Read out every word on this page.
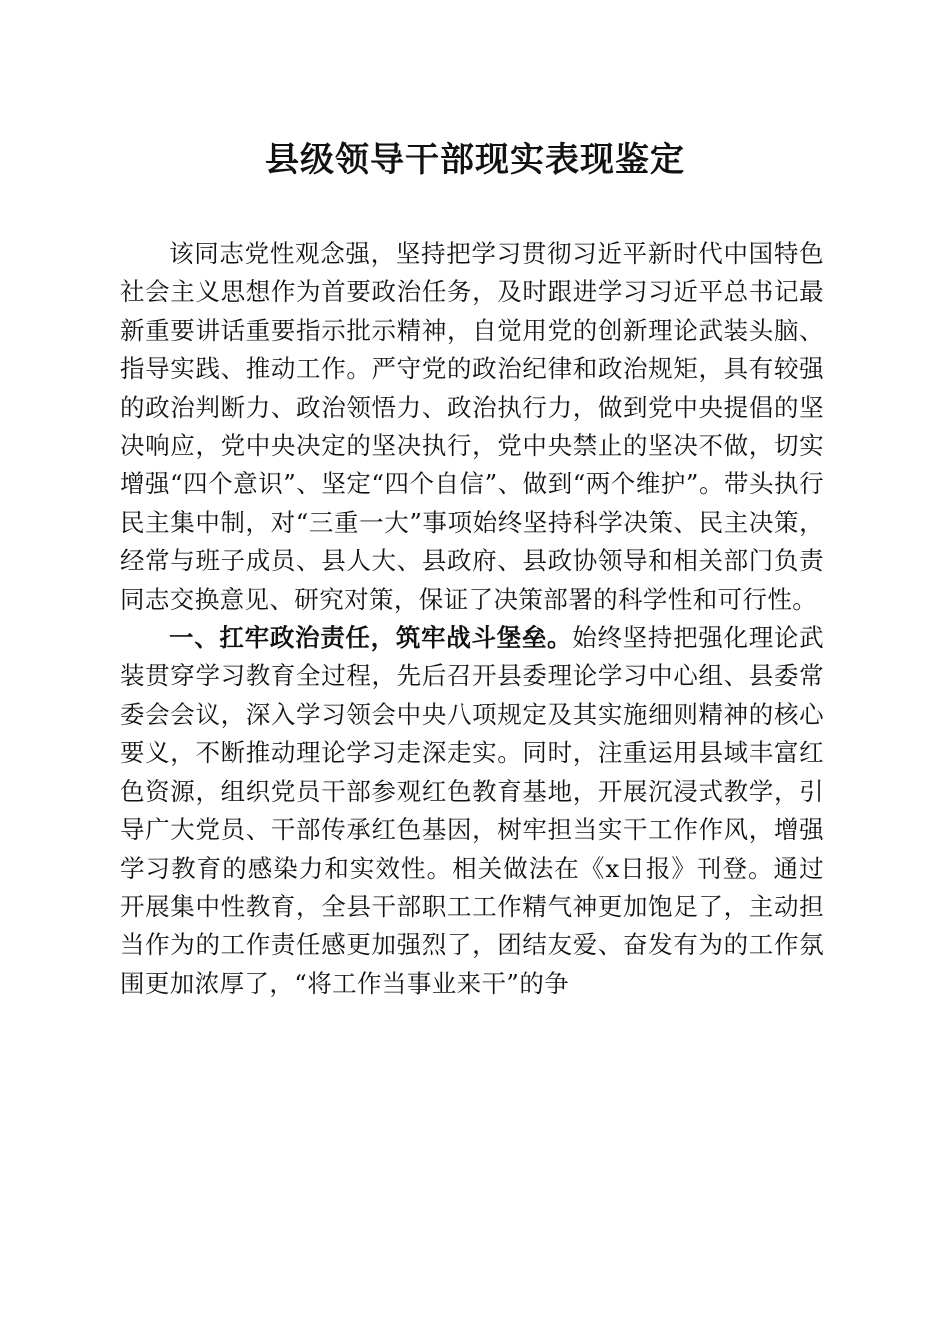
县级领导干部现实表现鉴定

该同志党性观念强，坚持把学习贯彻习近平新时代中国特色社会主义思想作为首要政治任务，及时跟进学习习近平总书记最新重要讲话重要指示批示精神，自觉用党的创新理论武装头脑、指导实践、推动工作。严守党的政治纪律和政治规矩，具有较强的政治判断力、政治领悟力、政治执行力，做到党中央提倡的坚决响应，党中央决定的坚决执行，党中央禁止的坚决不做，切实增强“四个意识”、坚定“四个自信”、做到“两个维护”。带头执行民主集中制，对“三重一大”事项始终坚持科学决策、民主决策，经常与班子成员、县人大、县政府、县政协领导和相关部门负责同志交换意见、研究对策，保证了决策部署的科学性和可行性。

一、扛牢政治责任，筑牢战斗堡垒。始终坚持把强化理论武装贯穿学习教育全过程，先后召开县委理论学习中心组、县委常委会会议，深入学习领会中央八项规定及其实施细则精神的核心要义，不断推动理论学习走深走实。同时，注重运用县域丰富红色资源，组织党员干部参观红色教育基地，开展沉浸式教学，引导广大党员、干部传承红色基因，树牢担当实干工作作风，增强学习教育的感染力和实效性。相关做法在《x日报》刊登。通过开展集中性教育，全县干部职工工作精气神更加饱足了，主动担当作为的工作责任感更加强烈了，团结友爱、奋发有为的工作氛围更加浓厚了，“将工作当事业来干”的争
